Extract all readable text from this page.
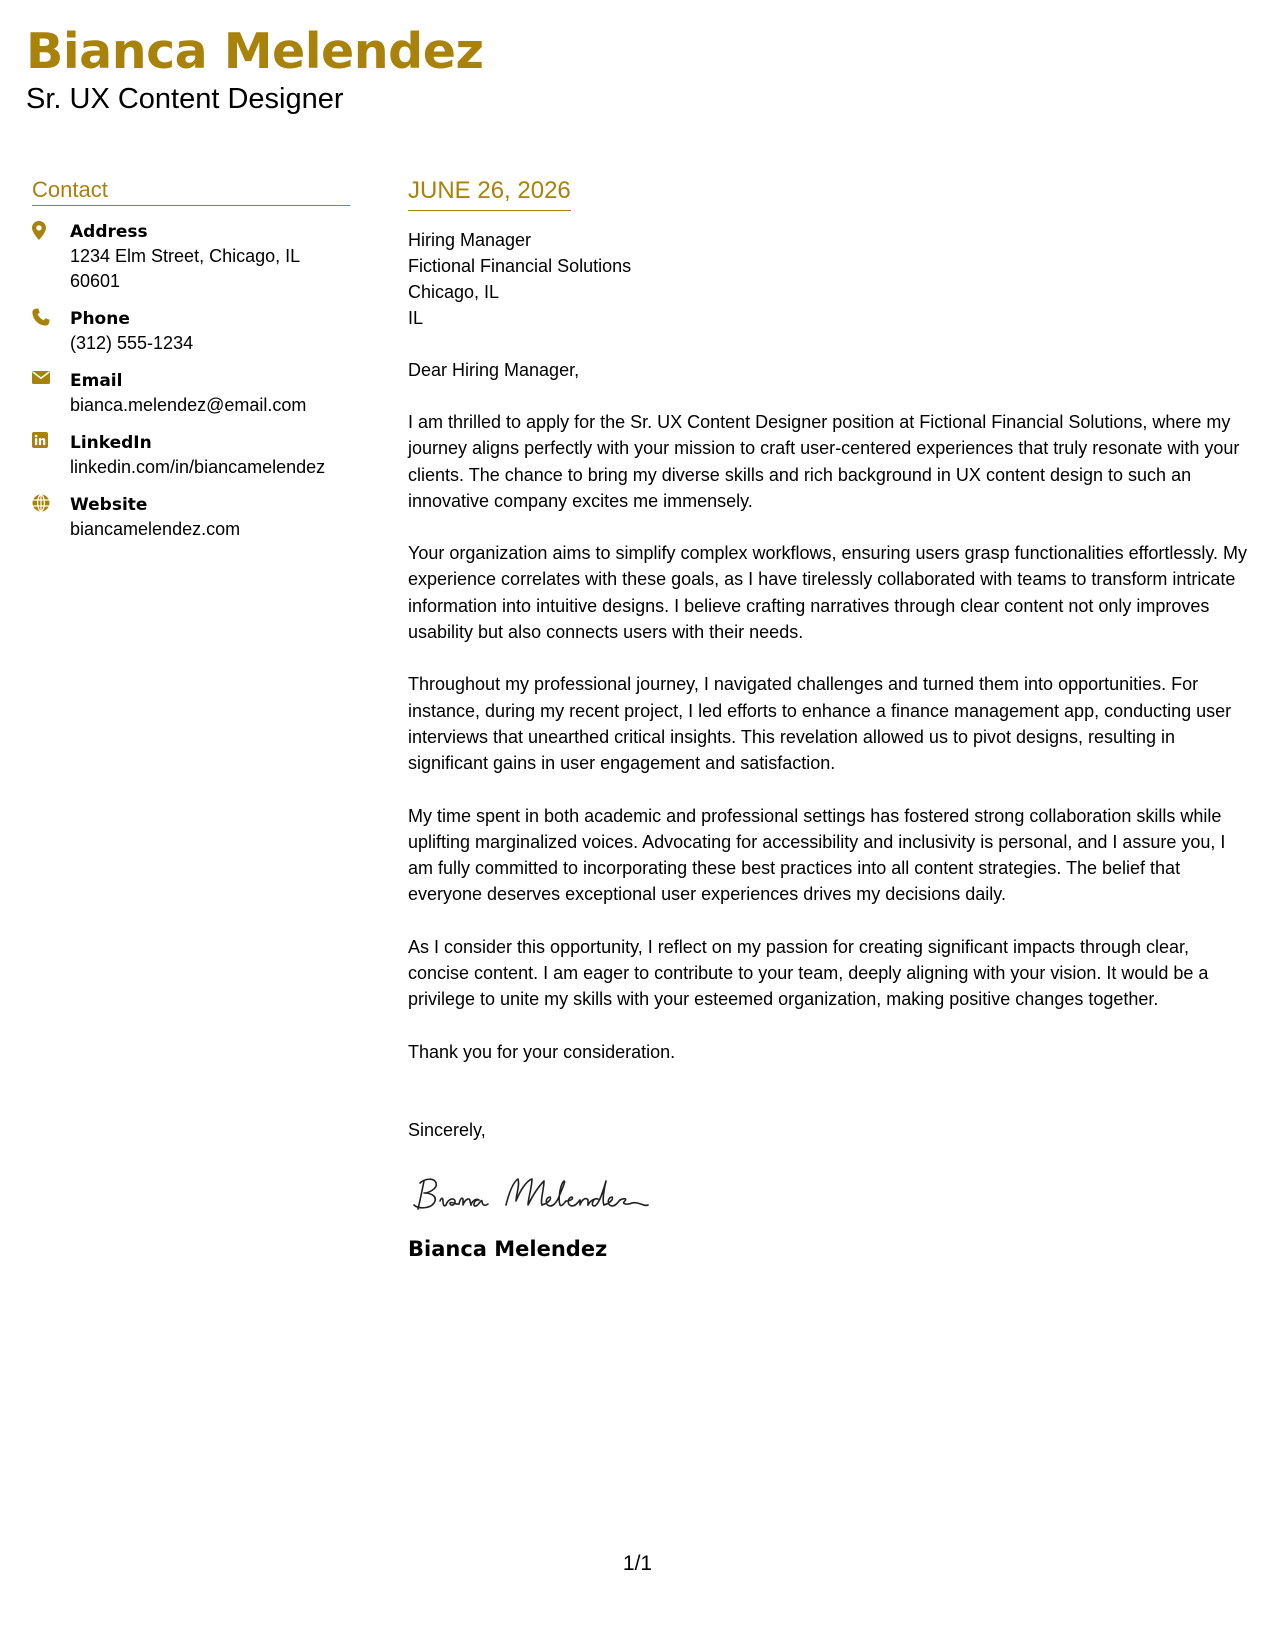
Bianca Melendez
Sr. UX Content Designer
Contact
Address
1234 Elm Street, Chicago, IL 60601
Phone
(312) 555-1234
Email
bianca.melendez@email.com
LinkedIn
linkedin.com/in/biancamelendez
Website
biancamelendez.com
JUNE 26, 2026
Hiring Manager
Fictional Financial Solutions
Chicago, IL
IL
Dear Hiring Manager,
I am thrilled to apply for the Sr. UX Content Designer position at Fictional Financial Solutions, where my journey aligns perfectly with your mission to craft user-centered experiences that truly resonate with your clients. The chance to bring my diverse skills and rich background in UX content design to such an innovative company excites me immensely.
Your organization aims to simplify complex workflows, ensuring users grasp functionalities effortlessly. My experience correlates with these goals, as I have tirelessly collaborated with teams to transform intricate information into intuitive designs. I believe crafting narratives through clear content not only improves usability but also connects users with their needs.
Throughout my professional journey, I navigated challenges and turned them into opportunities. For instance, during my recent project, I led efforts to enhance a finance management app, conducting user interviews that unearthed critical insights. This revelation allowed us to pivot designs, resulting in significant gains in user engagement and satisfaction.
My time spent in both academic and professional settings has fostered strong collaboration skills while uplifting marginalized voices. Advocating for accessibility and inclusivity is personal, and I assure you, I am fully committed to incorporating these best practices into all content strategies. The belief that everyone deserves exceptional user experiences drives my decisions daily.
As I consider this opportunity, I reflect on my passion for creating significant impacts through clear, concise content. I am eager to contribute to your team, deeply aligning with your vision. It would be a privilege to unite my skills with your esteemed organization, making positive changes together.
Thank you for your consideration.
Sincerely,
Bianca Melendez
1/1
